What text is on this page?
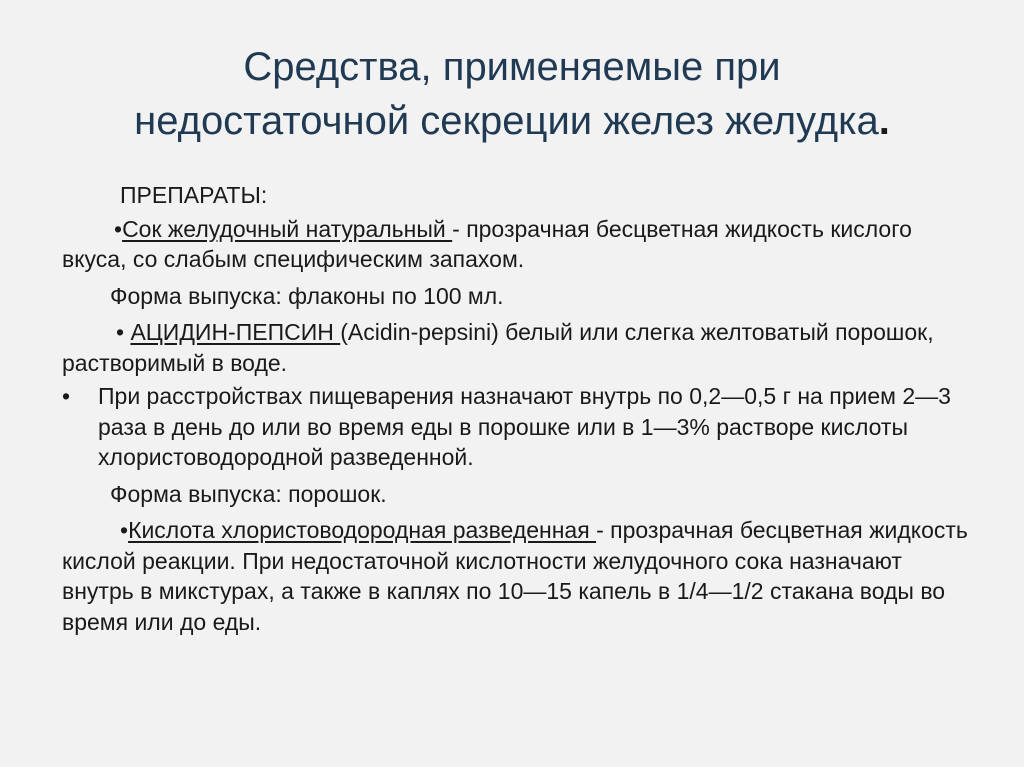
Средства, применяемые при
недостаточной секреции желез желудка.

ПРЕПАРАТЫ:

•Сок желудочный натуральный - прозрачная бесцветная жидкость кислого вкуса, со слабым специфическим запахом.

Форма выпуска: флаконы по 100 мл.

• АЦИДИН-ПЕПСИН (Acidin-pepsini) белый или слегка желтоватый порошок, растворимый в воде.

• При расстройствах пищеварения назначают внутрь по 0,2—0,5 г на прием 2—3 раза в день до или во время еды в порошке или в 1—3% растворе кислоты хлористоводородной разведенной.

Форма выпуска: порошок.

•Кислота хлористоводородная разведенная - прозрачная бесцветная жидкость кислой реакции. При недостаточной кислотности желудочного сока назначают внутрь в микстурах, а также в каплях по 10—15 капель в 1/4—1/2 стакана воды во время или до еды.
